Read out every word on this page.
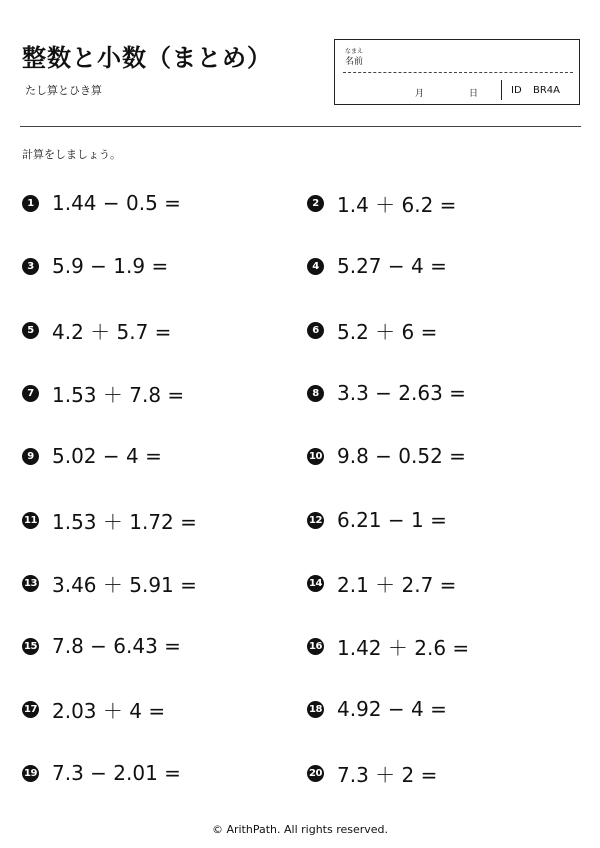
整数と小数（まとめ）
たし算とひき算
なまえ
名前
月	日	ID BR4A
計算をしましょう。
1 1.44 − 0.5 =	2 1.4 ＋ 6.2 =
3 5.9 − 1.9 =	4 5.27 − 4 =
5 4.2 ＋ 5.7 =	6 5.2 ＋ 6 =
7 1.53 ＋ 7.8 =	8 3.3 − 2.63 =
9 5.02 − 4 =	10 9.8 − 0.52 =
11 1.53 ＋ 1.72 =	12 6.21 − 1 =
13 3.46 ＋ 5.91 =	14 2.1 ＋ 2.7 =
15 7.8 − 6.43 =	16 1.42 ＋ 2.6 =
17 2.03 ＋ 4 =	18 4.92 − 4 =
19 7.3 − 2.01 =	20 7.3 ＋ 2 =
© ArithPath. All rights reserved.
